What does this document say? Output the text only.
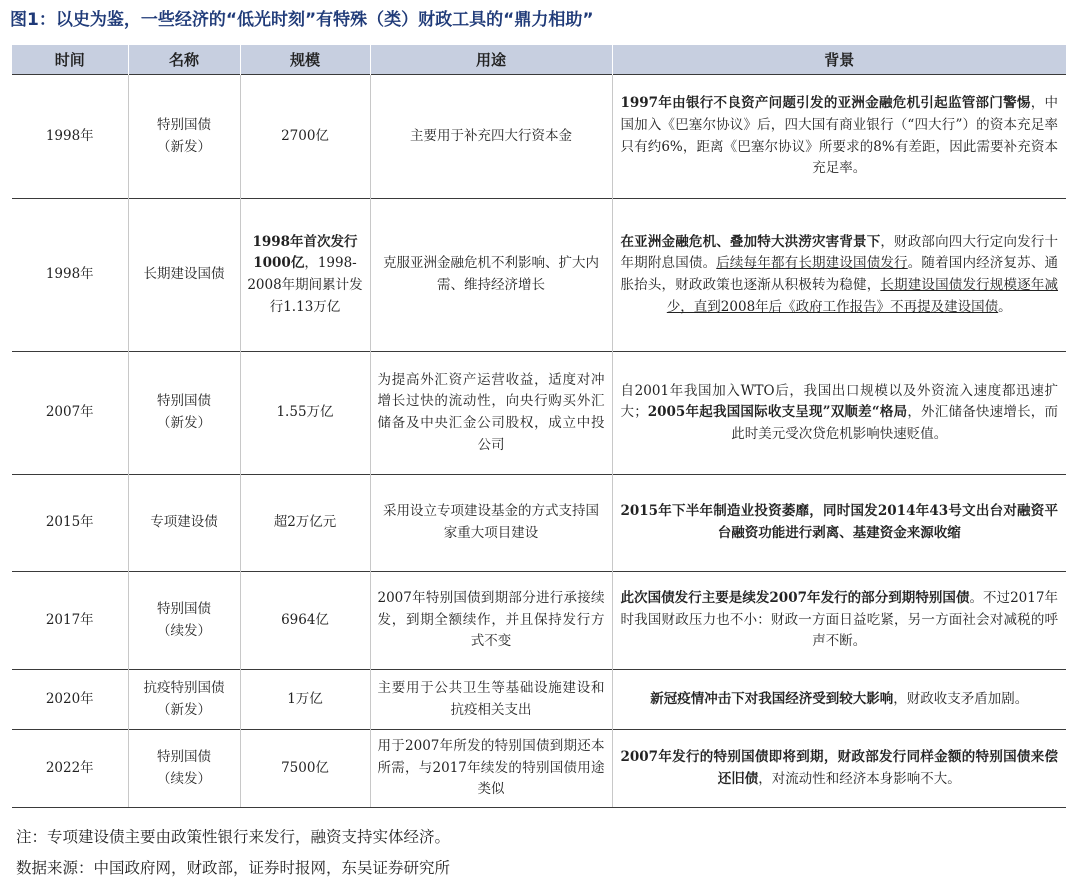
图1：以史为鉴，一些经济的“低光时刻”有特殊（类）财政工具的“鼎力相助”
时间	名称	规模	用途	背景
1998年	特别国债（新发）	2700亿	主要用于补充四大行资本金	1997年由银行不良资产问题引发的亚洲金融危机引起监管部门警惕，中国加入《巴塞尔协议》后，四大国有商业银行（“四大行”）的资本充足率只有约6%，距离《巴塞尔协议》所要求的8%有差距，因此需要补充资本充足率。
1998年	长期建设国债	1998年首次发行1000亿，1998-2008年期间累计发行1.13万亿	克服亚洲金融危机不利影响、扩大内需、维持经济增长	在亚洲金融危机、叠加特大洪涝灾害背景下，财政部向四大行定向发行十年期附息国债。后续每年都有长期建设国债发行。随着国内经济复苏、通胀抬头，财政政策也逐渐从积极转为稳健，长期建设国债发行规模逐年减少，直到2008年后《政府工作报告》不再提及建设国债。
2007年	特别国债（新发）	1.55万亿	为提高外汇资产运营收益，适度对冲增长过快的流动性，向央行购买外汇储备及中央汇金公司股权，成立中投公司	自2001年我国加入WTO后，我国出口规模以及外资流入速度都迅速扩大；2005年起我国国际收支呈现”双顺差“格局，外汇储备快速增长，而此时美元受次贷危机影响快速贬值。
2015年	专项建设债	超2万亿元	采用设立专项建设基金的方式支持国家重大项目建设	2015年下半年制造业投资萎靡，同时国发2014年43号文出台对融资平台融资功能进行剥离、基建资金来源收缩
2017年	特别国债（续发）	6964亿	2007年特别国债到期部分进行承接续发，到期全额续作，并且保持发行方式不变	此次国债发行主要是续发2007年发行的部分到期特别国债。不过2017年时我国财政压力也不小：财政一方面日益吃紧，另一方面社会对减税的呼声不断。
2020年	抗疫特别国债（新发）	1万亿	主要用于公共卫生等基础设施建设和抗疫相关支出	新冠疫情冲击下对我国经济受到较大影响，财政收支矛盾加剧。
2022年	特别国债（续发）	7500亿	用于2007年所发的特别国债到期还本所需，与2017年续发的特别国债用途类似	2007年发行的特别国债即将到期，财政部发行同样金额的特别国债来偿还旧债，对流动性和经济本身影响不大。
注：专项建设债主要由政策性银行来发行，融资支持实体经济。
数据来源：中国政府网，财政部，证券时报网，东吴证券研究所
